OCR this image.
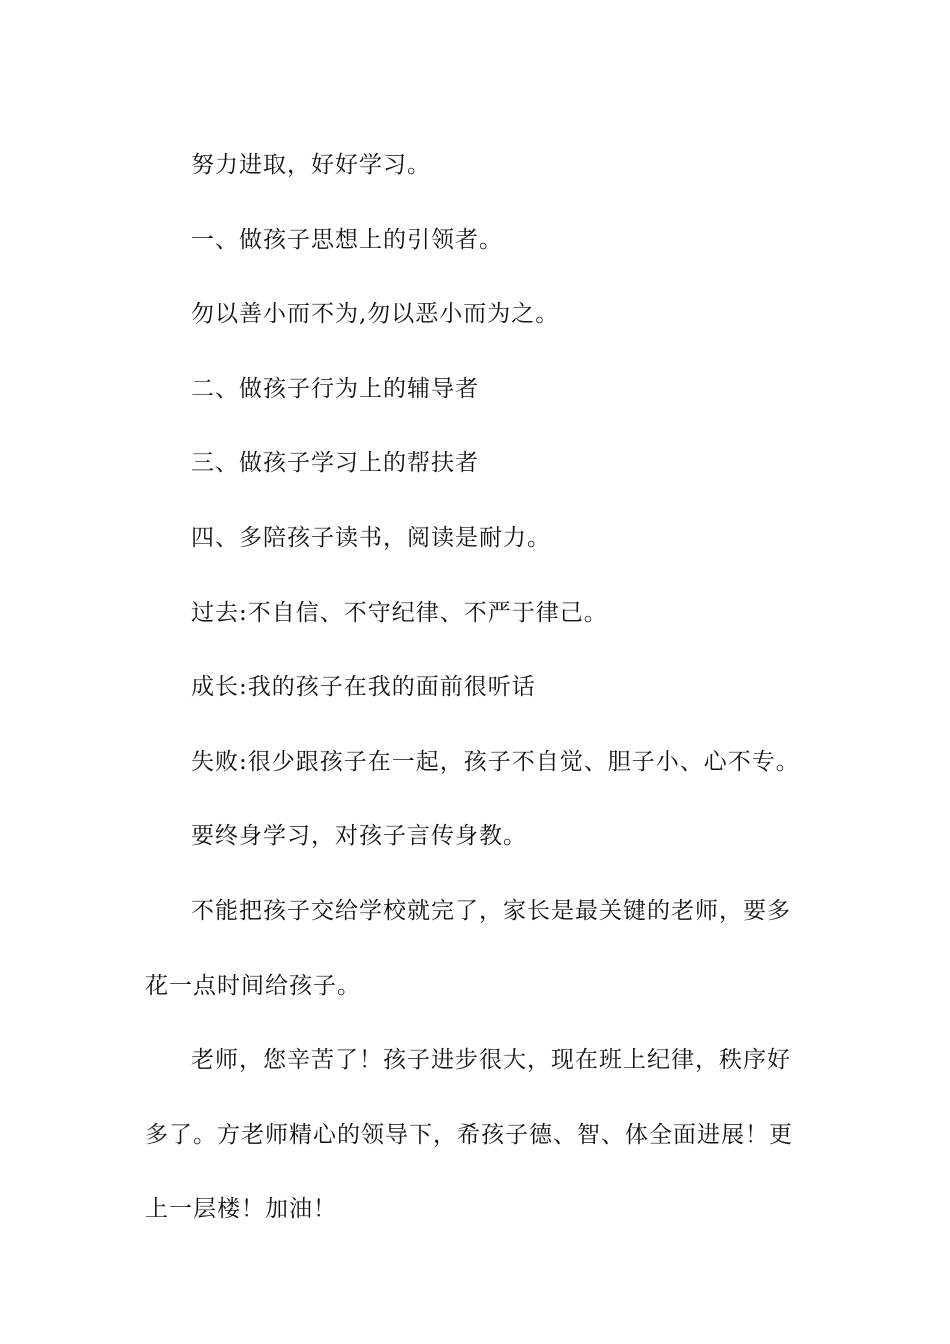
努力进取，好好学习。

一、做孩子思想上的引领者。

勿以善小而不为,勿以恶小而为之。

二、做孩子行为上的辅导者

三、做孩子学习上的帮扶者

四、多陪孩子读书，阅读是耐力。

过去:不自信、不守纪律、不严于律己。

成长:我的孩子在我的面前很听话

失败:很少跟孩子在一起，孩子不自觉、胆子小、心不专。

要终身学习，对孩子言传身教。

不能把孩子交给学校就完了，家长是最关键的老师，要多花一点时间给孩子。

老师，您辛苦了！孩子进步很大，现在班上纪律，秩序好多了。方老师精心的领导下，希孩子德、智、体全面进展！更上一层楼！加油！
